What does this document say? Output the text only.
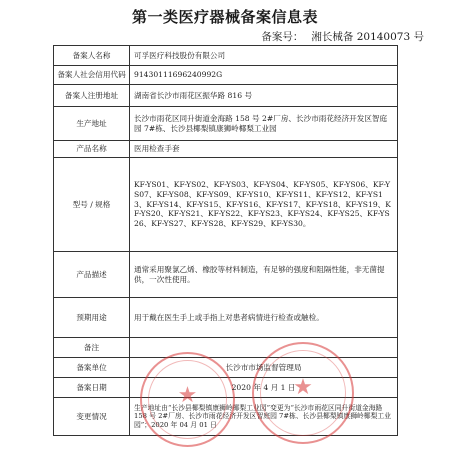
第一类医疗器械备案信息表
备案号： 湘长械备 20140073 号
备案人名称	可孚医疗科技股份有限公司
备案人社会信用代码	91430111696240992G
备案人注册地址	湖南省长沙市雨花区振华路 816 号
生产地址	长沙市雨花区同升街道金海路 158 号 2#厂房、长沙市雨花经济开发区智庭园 7#栋、长沙县椰梨镇康狮岭椰梨工业园
产品名称	医用检查手套
型号 / 规格	KF-YS01、KF-YS02、KF-YS03、KF-YS04、KF-YS05、KF-YS06、KF-YS07、KF-YS08、KF-YS09、KF-YS10、KF-YS11、KF-YS12、KF-YS13、KF-YS14、KF-YS15、KF-YS16、KF-YS17、KF-YS18、KF-YS19、KF-YS20、KF-YS21、KF-YS22、KF-YS23、KF-YS24、KF-YS25、KF-YS26、KF-YS27、KF-YS28、KF-YS29、KF-YS30。
产品描述	通常采用聚氯乙烯、橡胶等材料制造，有足够的强度和阻隔性能，非无菌提供，一次性使用。
预期用途	用于戴在医生手上或手指上对患者病情进行检查或触检。
备注	
备案单位	长沙市市场监督管理局
备案日期	2020 年 4 月 1 日
变更情况	生产地址由“长沙县椰梨镇康狮岭椰梨工业园”变更为“长沙市雨花区同升街道金海路 158 号 2#厂房、长沙市雨花经济开发区智庭园 7#栋、长沙县椰梨镇康狮岭椰梨工业园”；2020 年 04 月 01 日
★	★
